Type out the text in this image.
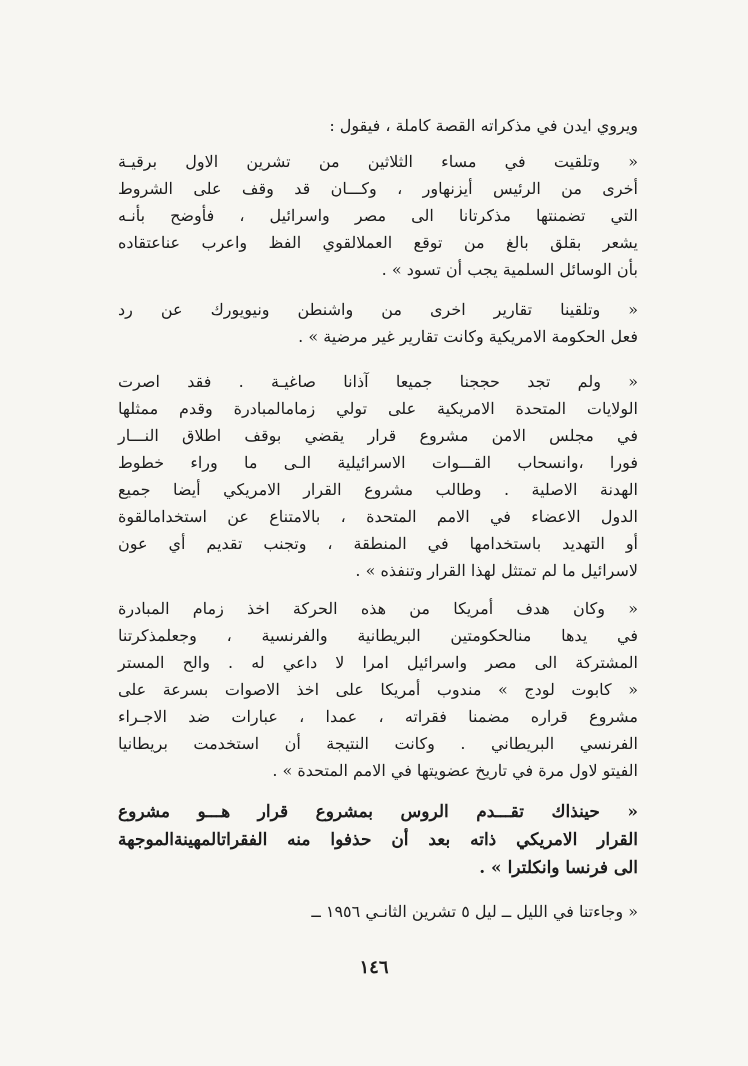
ويروي ايدن في مذكراته القصة كاملة ، فيقول :
« وتلقيت في مساء الثلاثين من تشرين الاول برقيـة
أخرى من الرئيس أيزنهاور ، وكـــان قد وقف على الشروط
التي تضمنتها مذكرتانا الى مصر واسرائيل ، فأوضح بأنـه
يشعر بقلق بالغ من توقع العملالقوي الفظ واعرب عناعتقاده
بأن الوسائل السلمية يجب أن تسود » .
« وتلقينا تقارير اخرى من واشنطن ونيويورك عن رد
فعل الحكومة الامريكية وكانت تقارير غير مرضية » .
« ولم تجد حججنا جميعا آذانا صاغيـة . فقد اصرت
الولايات المتحدة الامريكية على تولي زمامالمبادرة وقدم ممثلها
في مجلس الامن مشروع قرار يقضي بوقف اطلاق النـــار
فورا ،وانسحاب القـــوات الاسرائيلية الـى ما وراء خطوط
الهدنة الاصلية . وطالب مشروع القرار الامريكي أيضا جميع
الدول الاعضاء في الامم المتحدة ، بالامتناع عن استخدامالقوة
أو التهديد باستخدامها في المنطقة ، وتجنب تقديم أي عون
لاسرائيل ما لم تمتثل لهذا القرار وتنفذه » .
« وكان هدف أمريكا من هذه الحركة اخذ زمام المبادرة
في يدها منالحكومتين البريطانية والفرنسية ، وجعلمذكرتنا
المشتركة الى مصر واسرائيل امرا لا داعي له . والح المستر
« كابوت لودج » مندوب أمريكا على اخذ الاصوات بسرعة على
مشروع قراره مضمنا فقراته ، عمدا ، عبارات ضد الاجـراء
الفرنسي البريطاني . وكانت النتيجة أن استخدمت بريطانيا
الفيتو لاول مرة في تاريخ عضويتها في الامم المتحدة » .
« حينذاك تقـــدم الروس بمشروع قرار هـــو مشروع
القرار الامريكي ذاته بعد أن حذفوا منه الفقراتالمهينةالموجهة
الى فرنسا وانكلترا » .
« وجاءتنا في الليل ــ ليل ٥ تشرين الثانـي ١٩٥٦ ــ
١٤٦
